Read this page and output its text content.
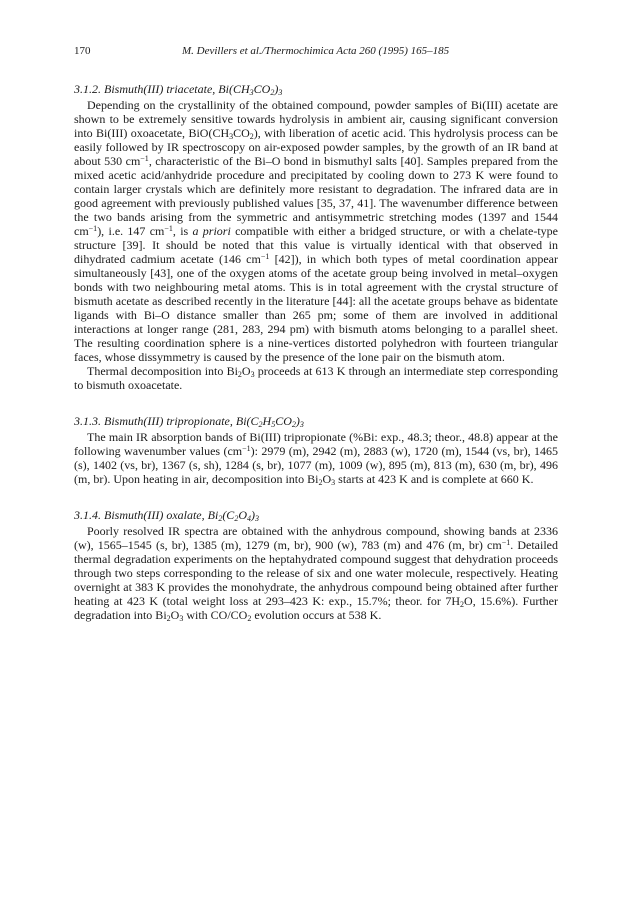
170	M. Devillers et al./Thermochimica Acta 260 (1995) 165–185
3.1.2. Bismuth(III) triacetate, $Bi(CH_3CO_2)_3$

Depending on the crystallinity of the obtained compound, powder samples of Bi(III) acetate are shown to be extremely sensitive towards hydrolysis in ambient air, causing significant conversion into Bi(III) oxoacetate, $BiO(CH_3CO_2)$, with liberation of acetic acid. This hydrolysis process can be easily followed by IR spectroscopy on air-exposed powder samples, by the growth of an IR band at about 530 $cm^{-1}$, characteristic of the Bi–O bond in bismuthyl salts [40]. Samples prepared from the mixed acetic acid/anhydride procedure and precipitated by cooling down to 273 K were found to contain larger crystals which are definitely more resistant to degradation. The infrared data are in good agreement with previously published values [35, 37, 41]. The wavenumber difference between the two bands arising from the symmetric and antisymmetric stretching modes (1397 and 1544 $cm^{-1}$), i.e. 147 $cm^{-1}$, is a priori compatible with either a bridged structure, or with a chelate-type structure [39]. It should be noted that this value is virtually identical with that observed in dihydrated cadmium acetate (146 $cm^{-1}$ [42]), in which both types of metal coordination appear simultaneously [43], one of the oxygen atoms of the acetate group being involved in metal–oxygen bonds with two neighbouring metal atoms. This is in total agreement with the crystal structure of bismuth acetate as described recently in the literature [44]: all the acetate groups behave as bidentate ligands with Bi–O distance smaller than 265 pm; some of them are involved in additional interactions at longer range (281, 283, 294 pm) with bismuth atoms belonging to a parallel sheet. The resulting coordination sphere is a nine-vertices distorted polyhedron with fourteen triangular faces, whose dissymmetry is caused by the presence of the lone pair on the bismuth atom.

Thermal decomposition into $Bi_2O_3$ proceeds at 613 K through an intermediate step corresponding to bismuth oxoacetate.

3.1.3. Bismuth(III) tripropionate, $Bi(C_2H_5CO_2)_3$

The main IR absorption bands of Bi(III) tripropionate (%Bi: exp., 48.3; theor., 48.8) appear at the following wavenumber values $(cm^{-1})$: 2979 (m), 2942 (m), 2883 (w), 1720 (m), 1544 (vs, br), 1465 (s), 1402 (vs, br), 1367 (s, sh), 1284 (s, br), 1077 (m), 1009 (w), 895 (m), 813 (m), 630 (m, br), 496 (m, br). Upon heating in air, decomposition into $Bi_2O_3$ starts at 423 K and is complete at 660 K.

3.1.4. Bismuth(III) oxalate, $Bi_2(C_2O_4)_3$

Poorly resolved IR spectra are obtained with the anhydrous compound, showing bands at 2336 (w), 1565–1545 (s, br), 1385 (m), 1279 (m, br), 900 (w), 783 (m) and 476 (m, br) $cm^{-1}$. Detailed thermal degradation experiments on the heptahydrated compound suggest that dehydration proceeds through two steps corresponding to the release of six and one water molecule, respectively. Heating overnight at 383 K provides the monohydrate, the anhydrous compound being obtained after further heating at 423 K (total weight loss at 293–423 K: exp., 15.7%; theor. for $7H_2O$, 15.6%). Further degradation into $Bi_2O_3$ with $CO/CO_2$ evolution occurs at 538 K.
